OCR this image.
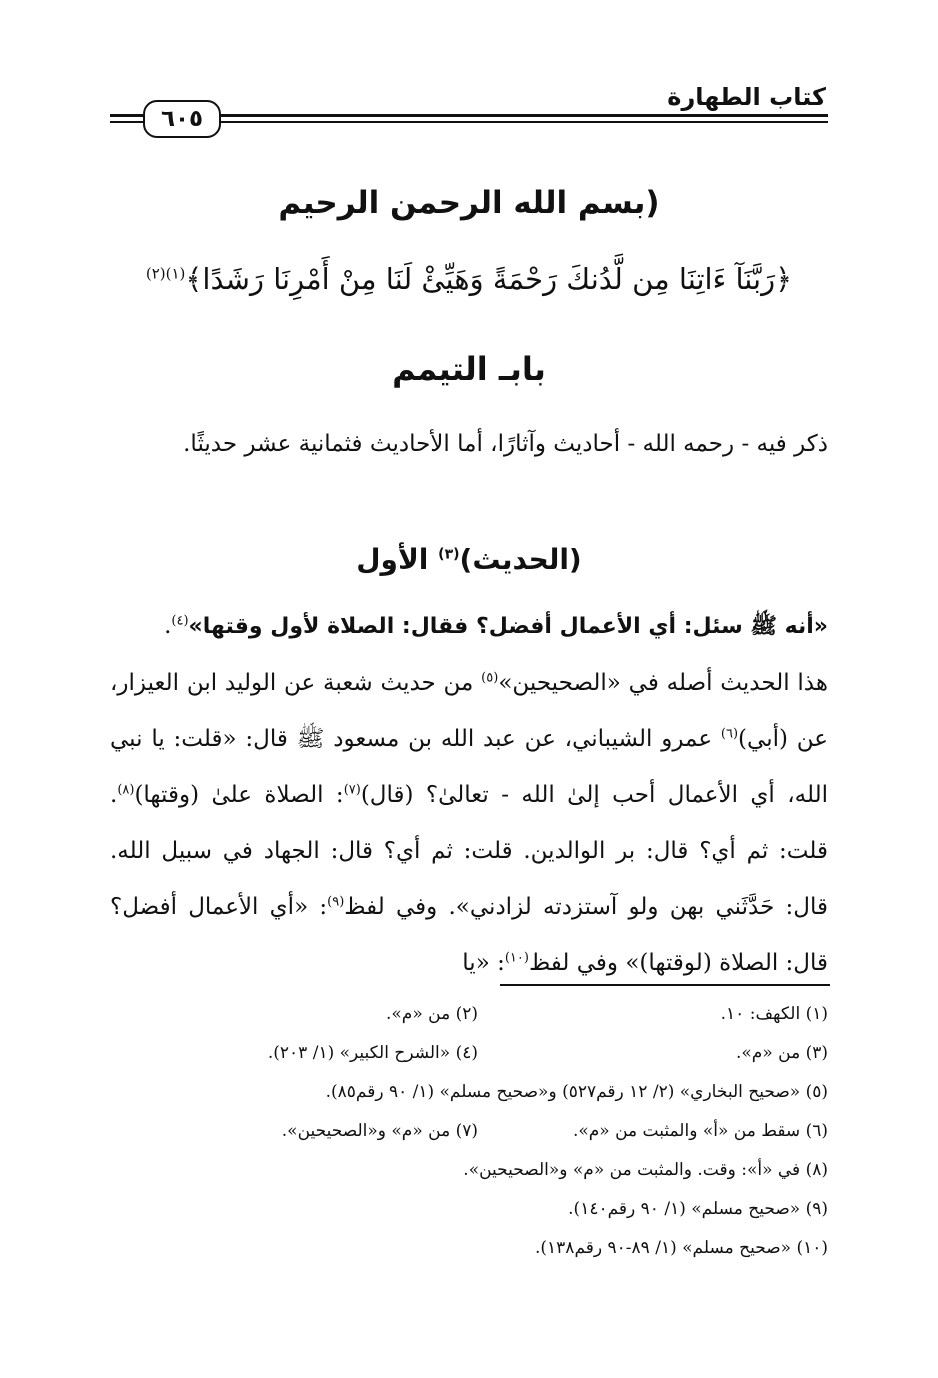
كتاب الطهارة
٦٠٥
(بسم الله الرحمن الرحيم
﴿رَبَّنَآ ءَاتِنَا مِن لَّدُنكَ رَحْمَةً وَهَيِّئْ لَنَا مِنْ أَمْرِنَا رَشَدًا﴾$^{(١)(٢)}$
بابـ التيمم
ذكر فيه - رحمه الله - أحاديث وآثارًا، أما الأحاديث فثمانية عشر حديثًا.
(الحديث)$^{(٣)}$ الأول
«أنه ﷺ سئل: أي الأعمال أفضل؟ فقال: الصلاة لأول وقتها»$^{(٤)}$.
هذا الحديث أصله في «الصحيحين»$^{(٥)}$ من حديث شعبة عن الوليد ابن العيزار، عن (أبي)$^{(٦)}$ عمرو الشيباني، عن عبد الله بن مسعود ﷺ قال: «قلت: يا نبي الله، أي الأعمال أحب إلىٰ الله - تعالىٰ؟ (قال)$^{(٧)}$: الصلاة علىٰ (وقتها)$^{(٨)}$. قلت: ثم أي؟ قال: بر الوالدين. قلت: ثم أي؟ قال: الجهاد في سبيل الله. قال: حَدَّثَني بهن ولو آستزدته لزادني». وفي لفظ$^{(٩)}$: «أي الأعمال أفضل؟ قال: الصلاة (لوقتها)» وفي لفظ$^{(١٠)}$: «يا
(١) الكهف: ١٠.
(٢) من «م».
(٣) من «م».
(٤) «الشرح الكبير» (١/ ٢٠٣).
(٥) «صحيح البخاري» (٢/ ١٢ رقم٥٢٧) و«صحيح مسلم» (١/ ٩٠ رقم٨٥).
(٦) سقط من «أ» والمثبت من «م».
(٧) من «م» و«الصحيحين».
(٨) في «أ»: وقت. والمثبت من «م» و«الصحيحين».
(٩) «صحيح مسلم» (١/ ٩٠ رقم١٤٠).
(١٠) «صحيح مسلم» (١/ ٨٩-٩٠ رقم١٣٨).
